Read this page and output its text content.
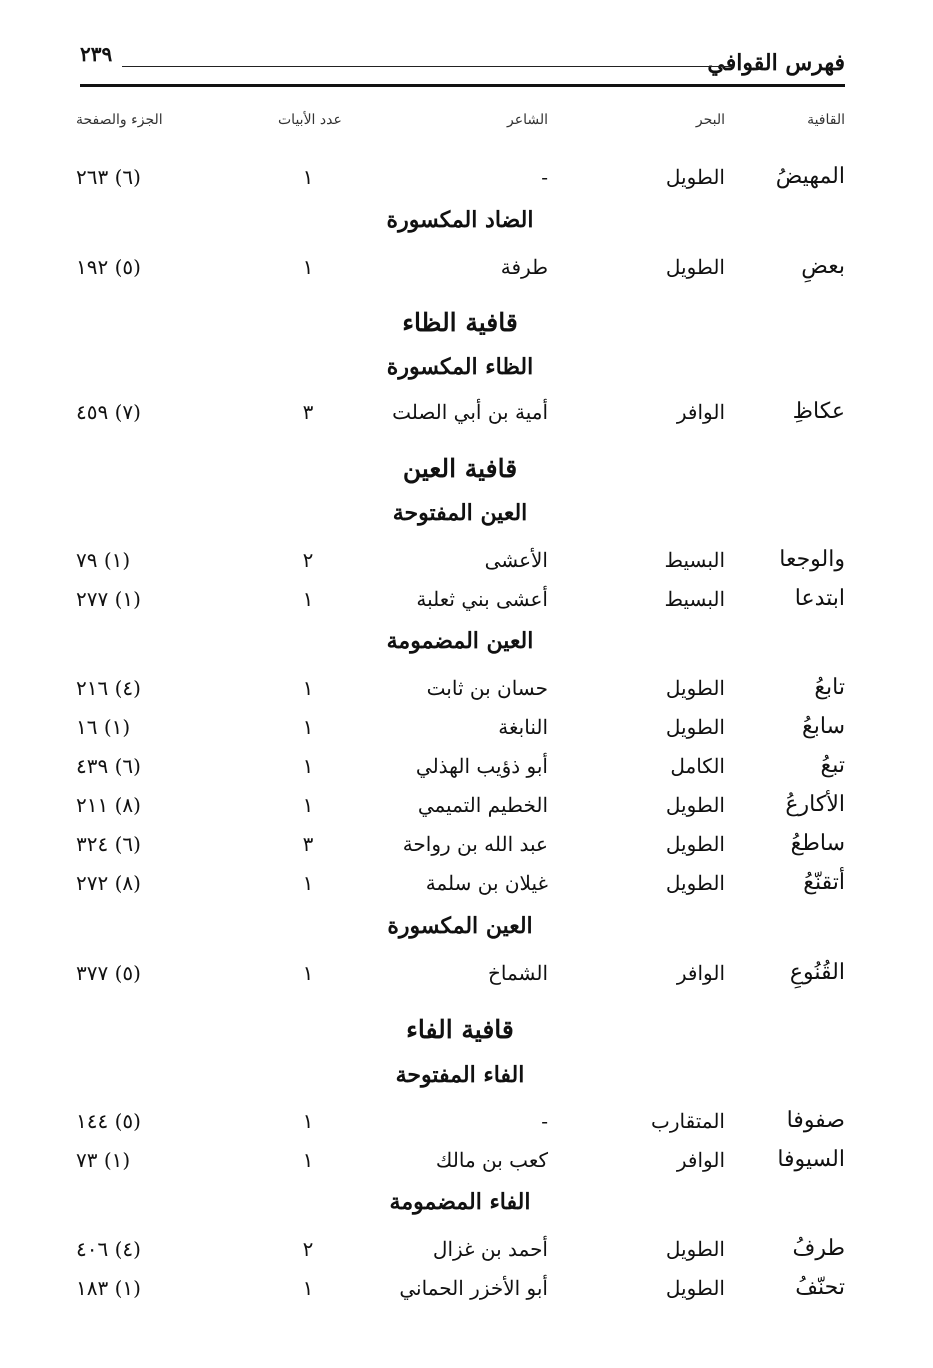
فهرس القوافي
٢٣٩
القافية
البحر
الشاعر
عدد الأبيات
الجزء والصفحة
المهيضُ
الطويل
-
١
(٦) ٢٦٣
الضاد المكسورة
بعضِ
الطويل
طرفة
١
(٥) ١٩٢
قافية الظاء
الظاء المكسورة
عكاظِ
الوافر
أمية بن أبي الصلت
٣
(٧) ٤٥٩
قافية العين
العين المفتوحة
والوجعا
البسيط
الأعشى
٢
(١) ٧٩
ابتدعا
البسيط
أعشى بني ثعلبة
١
(١) ٢٧٧
العين المضمومة
تابعُ
الطويل
حسان بن ثابت
١
(٤) ٢١٦
سابعُ
الطويل
النابغة
١
(١) ١٦
تبعُ
الكامل
أبو ذؤيب الهذلي
١
(٦) ٤٣٩
الأكارعُ
الطويل
الخطيم التميمي
١
(٨) ٢١١
ساطعُ
الطويل
عبد الله بن رواحة
٣
(٦) ٣٢٤
أتقنّعُ
الطويل
غيلان بن سلمة
١
(٨) ٢٧٢
العين المكسورة
القُنُوعِ
الوافر
الشماخ
١
(٥) ٣٧٧
قافية الفاء
الفاء المفتوحة
صفوفا
المتقارب
-
١
(٥) ١٤٤
السيوفا
الوافر
كعب بن مالك
١
(١) ٧٣
الفاء المضمومة
طرفُ
الطويل
أحمد بن غزال
٢
(٤) ٤٠٦
تحنّفُ
الطويل
أبو الأخزر الحماني
١
(١) ١٨٣
